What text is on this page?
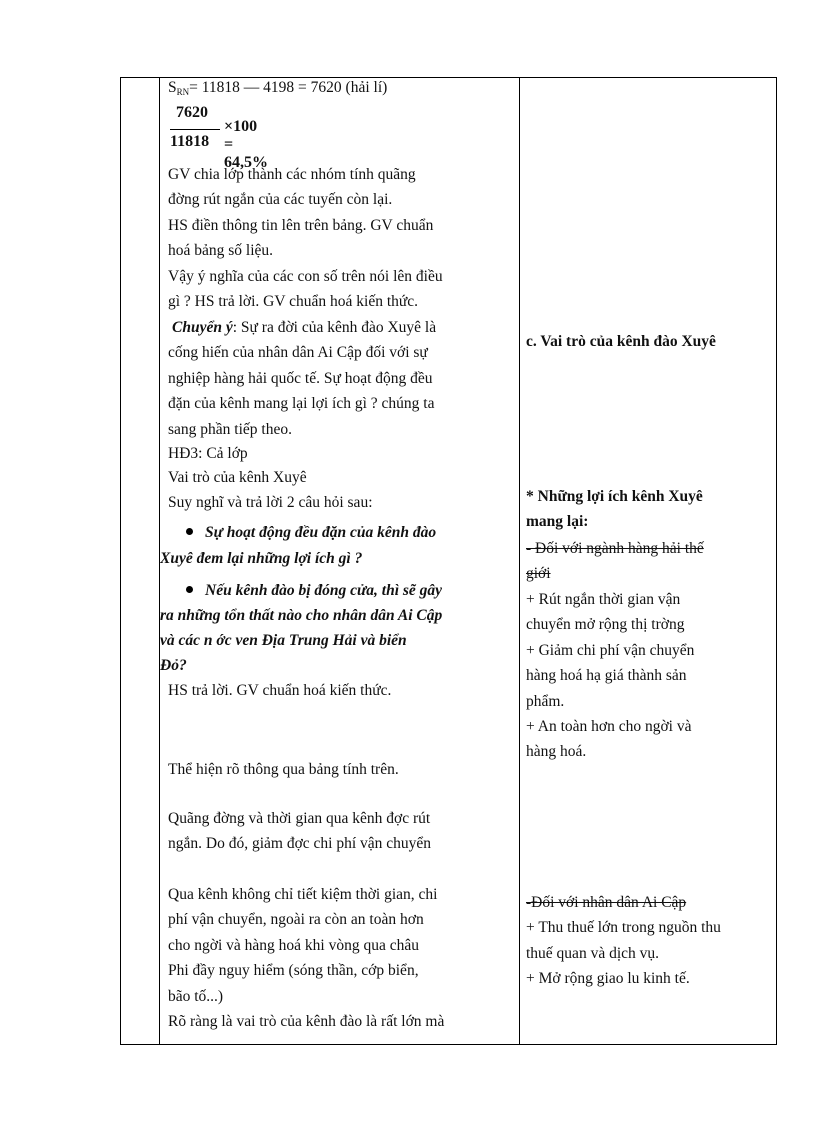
$S_{RN}= 11818$ — 4198 = 7620 (hải lí)
7620
11818
×100 = 64,5%
GV chia lớp thành các nhóm tính quãng
đờng rút ngắn của các tuyến còn lại.
HS điền thông tin lên trên bảng. GV chuẩn
hoá bảng số liệu.
Vậy ý nghĩa của các con số trên nói lên điều
gì ? HS trả lời. GV chuẩn hoá kiến thức.
Chuyển ý: Sự ra đời của kênh đào Xuyê là
cống hiến của nhân dân Ai Cập đối với sự
nghiệp hàng hải quốc tế. Sự hoạt động đều
đặn của kênh mang lại lợi ích gì ? chúng ta
sang phần tiếp theo.
HĐ3: Cả lớp
Vai trò của kênh Xuyê
Suy nghĩ và trả lời 2 câu hỏi sau:
Sự hoạt động đều đặn của kênh đào
Xuyê đem lại những lợi ích gì ?
Nếu kênh đào bị đóng cửa, thì sẽ gây
ra những tổn thất nào cho nhân dân Ai Cập
và các n ớc ven Địa Trung Hải và biển
Đỏ?
HS trả lời. GV chuẩn hoá kiến thức.
Thể hiện rõ thông qua bảng tính trên.
Quãng đờng và thời gian qua kênh đợc rút
ngắn. Do đó, giảm đợc chi phí vận chuyển
Qua kênh không chỉ tiết kiệm thời gian, chi
phí vận chuyển, ngoài ra còn an toàn hơn
cho ngời và hàng hoá khi vòng qua châu
Phi đầy nguy hiểm (sóng thần, cớp biển,
bão tố...)
Rõ ràng là vai trò của kênh đào là rất lớn mà
c. Vai trò của kênh đào Xuyê
* Những lợi ích kênh Xuyê
mang lại:
- Đối với ngành hàng hải thế
giới
+ Rút ngắn thời gian vận
chuyển mở rộng thị trờng
+ Giảm chi phí vận chuyển
hàng hoá hạ giá thành sản
phẩm.
+ An toàn hơn cho ngời và
hàng hoá.
-Đối với nhân dân Ai Cập
+ Thu thuế lớn trong nguồn thu
thuế quan và dịch vụ.
+ Mở rộng giao lu kinh tế.
